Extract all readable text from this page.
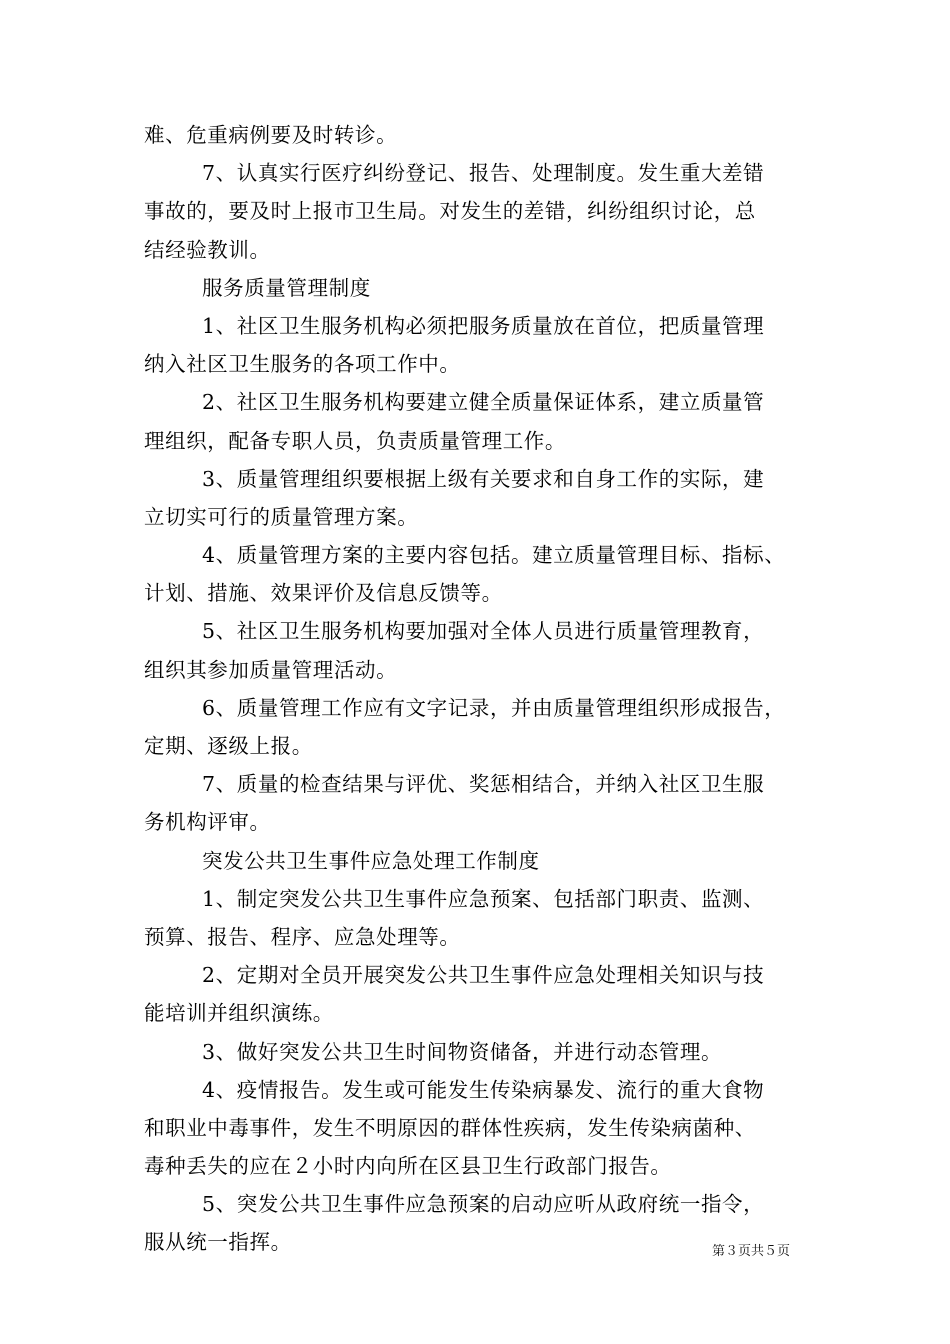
难、危重病例要及时转诊。
7、认真实行医疗纠纷登记、报告、处理制度。发生重大差错
事故的，要及时上报市卫生局。对发生的差错，纠纷组织讨论，总
结经验教训。
服务质量管理制度
1、社区卫生服务机构必须把服务质量放在首位，把质量管理
纳入社区卫生服务的各项工作中。
2、社区卫生服务机构要建立健全质量保证体系，建立质量管
理组织，配备专职人员，负责质量管理工作。
3、质量管理组织要根据上级有关要求和自身工作的实际，建
立切实可行的质量管理方案。
4、质量管理方案的主要内容包括。建立质量管理目标、指标、
计划、措施、效果评价及信息反馈等。
5、社区卫生服务机构要加强对全体人员进行质量管理教育，
组织其参加质量管理活动。
6、质量管理工作应有文字记录，并由质量管理组织形成报告，
定期、逐级上报。
7、质量的检查结果与评优、奖惩相结合，并纳入社区卫生服
务机构评审。
突发公共卫生事件应急处理工作制度
1、制定突发公共卫生事件应急预案、包括部门职责、监测、
预算、报告、程序、应急处理等。
2、定期对全员开展突发公共卫生事件应急处理相关知识与技
能培训并组织演练。
3、做好突发公共卫生时间物资储备，并进行动态管理。
4、疫情报告。发生或可能发生传染病暴发、流行的重大食物
和职业中毒事件，发生不明原因的群体性疾病，发生传染病菌种、
毒种丢失的应在２小时内向所在区县卫生行政部门报告。
5、突发公共卫生事件应急预案的启动应听从政府统一指令，
服从统一指挥。	第３页共５页
